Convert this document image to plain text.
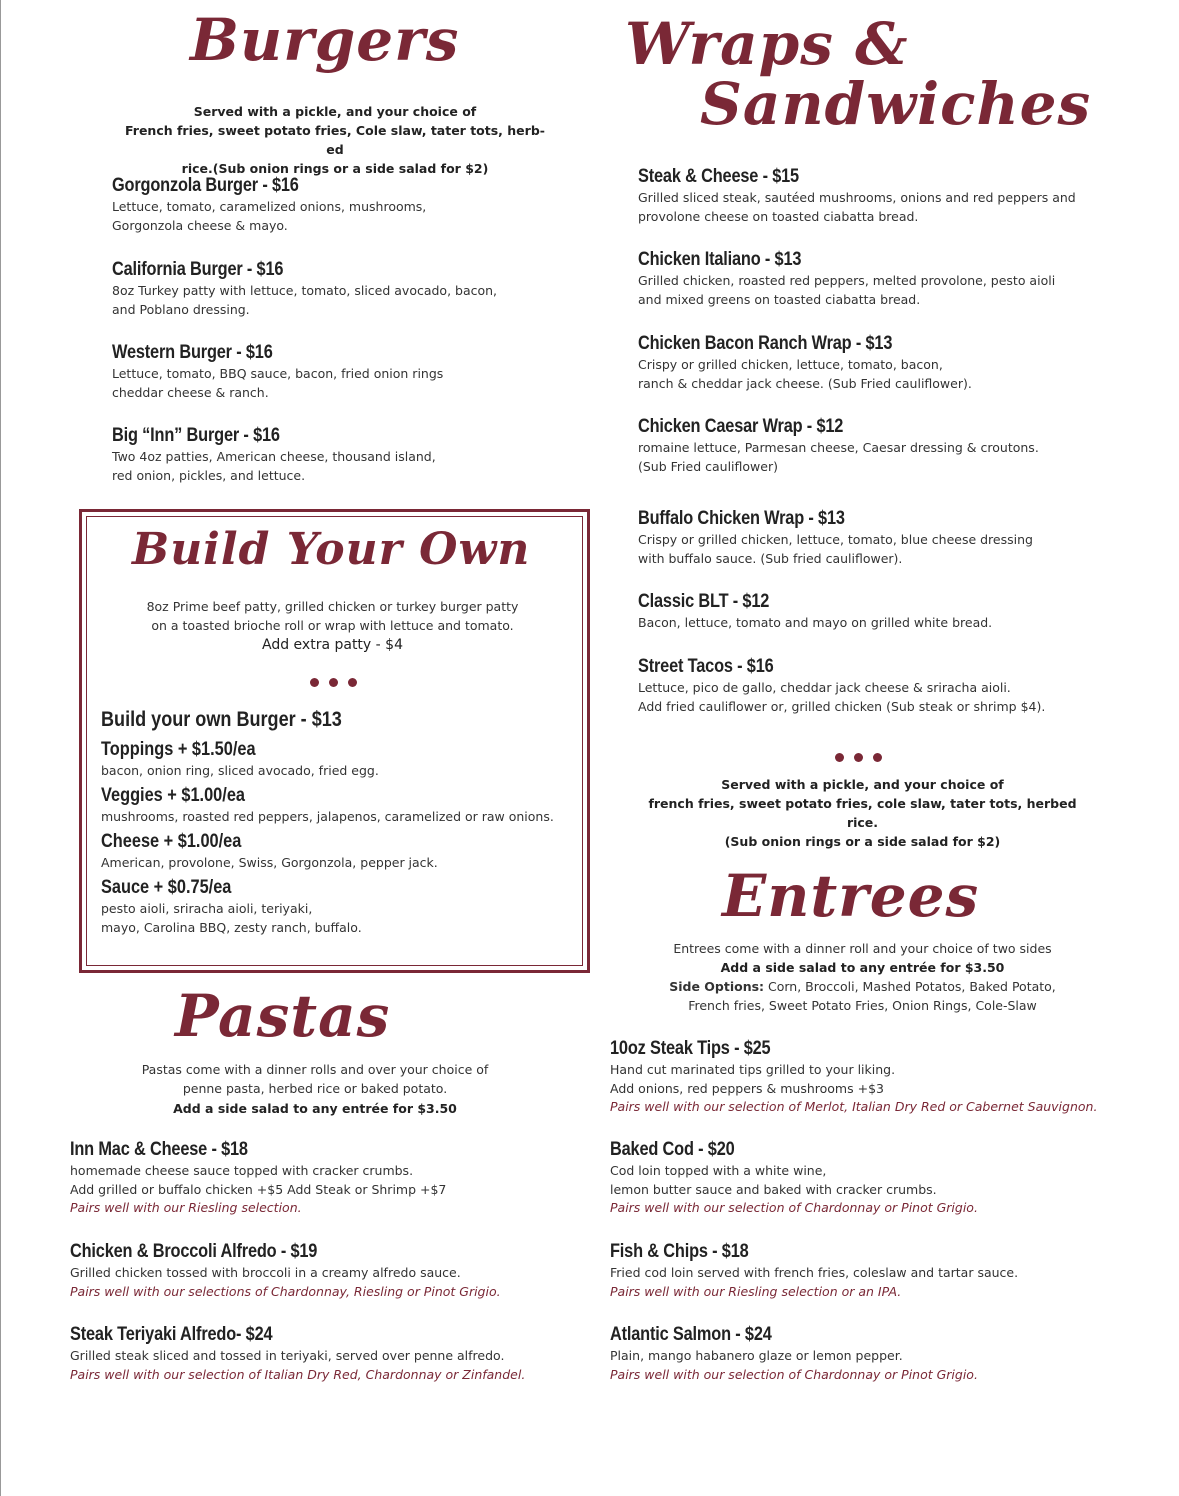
Burgers

Served with a pickle, and your choice of
French fries, sweet potato fries, Cole slaw, tater tots, herb-ed
rice.(Sub onion rings or a side salad for $2)

Gorgonzola Burger - $16
Lettuce, tomato, caramelized onions, mushrooms,
Gorgonzola cheese & mayo.
California Burger - $16
8oz Turkey patty with lettuce, tomato, sliced avocado, bacon,
and Poblano dressing.
Western Burger - $16
Lettuce, tomato, BBQ sauce, bacon, fried onion rings
cheddar cheese & ranch.
Big “Inn” Burger - $16
Two 4oz patties, American cheese, thousand island,
red onion, pickles, and lettuce.
Build Your Own

8oz Prime beef patty, grilled chicken or turkey burger patty
on a toasted brioche roll or wrap with lettuce and tomato.

Add extra patty - $4

Build your own Burger - $13
Toppings + $1.50/ea
bacon, onion ring, sliced avocado, fried egg.
Veggies + $1.00/ea
mushrooms, roasted red peppers, jalapenos, caramelized or raw onions.
Cheese + $1.00/ea
American, provolone, Swiss, Gorgonzola, pepper jack.
Sauce + $0.75/ea
pesto aioli, sriracha aioli, teriyaki,
mayo, Carolina BBQ, zesty ranch, buffalo.
Pastas

Pastas come with a dinner rolls and over your choice of
penne pasta, herbed rice or baked potato.

Add a side salad to any entrée for $3.50

Inn Mac & Cheese - $18
homemade cheese sauce topped with cracker crumbs.
Add grilled or buffalo chicken +$5 Add Steak or Shrimp +$7
Pairs well with our Riesling selection.
Chicken & Broccoli Alfredo - $19
Grilled chicken tossed with broccoli in a creamy alfredo sauce.
Pairs well with our selections of Chardonnay, Riesling or Pinot Grigio.
Steak Teriyaki Alfredo- $24
Grilled steak sliced and tossed in teriyaki, served over penne alfredo.
Pairs well with our selection of Italian Dry Red, Chardonnay or Zinfandel.
Wraps &
Sandwiches
Steak & Cheese - $15
Grilled sliced steak, sautéed mushrooms, onions and red peppers and
provolone cheese on toasted ciabatta bread.
Chicken Italiano - $13
Grilled chicken, roasted red peppers, melted provolone, pesto aioli
and mixed greens on toasted ciabatta bread.
Chicken Bacon Ranch Wrap - $13
Crispy or grilled chicken, lettuce, tomato, bacon,
ranch & cheddar jack cheese. (Sub Fried cauliflower).
Chicken Caesar Wrap - $12
romaine lettuce, Parmesan cheese, Caesar dressing & croutons.
(Sub Fried cauliflower)
Buffalo Chicken Wrap - $13
Crispy or grilled chicken, lettuce, tomato, blue cheese dressing
with buffalo sauce. (Sub fried cauliflower).
Classic BLT - $12
Bacon, lettuce, tomato and mayo on grilled white bread.
Street Tacos - $16
Lettuce, pico de gallo, cheddar jack cheese & sriracha aioli.
Add fried cauliflower or, grilled chicken (Sub steak or shrimp $4).

Served with a pickle, and your choice of
french fries, sweet potato fries, cole slaw, tater tots, herbed rice.
(Sub onion rings or a side salad for $2)

Entrees

Entrees come with a dinner roll and your choice of two sides

Add a side salad to any entrée for $3.50

Side Options: Corn, Broccoli, Mashed Potatos, Baked Potato,
French fries, Sweet Potato Fries, Onion Rings, Cole-Slaw

10oz Steak Tips - $25
Hand cut marinated tips grilled to your liking.
Add onions, red peppers & mushrooms +$3
Pairs well with our selection of Merlot, Italian Dry Red or Cabernet Sauvignon.
Baked Cod - $20
Cod loin topped with a white wine,
lemon butter sauce and baked with cracker crumbs.
Pairs well with our selection of Chardonnay or Pinot Grigio.
Fish & Chips - $18
Fried cod loin served with french fries, coleslaw and tartar sauce.
Pairs well with our Riesling selection or an IPA.
Atlantic Salmon - $24
Plain, mango habanero glaze or lemon pepper.
Pairs well with our selection of Chardonnay or Pinot Grigio.
